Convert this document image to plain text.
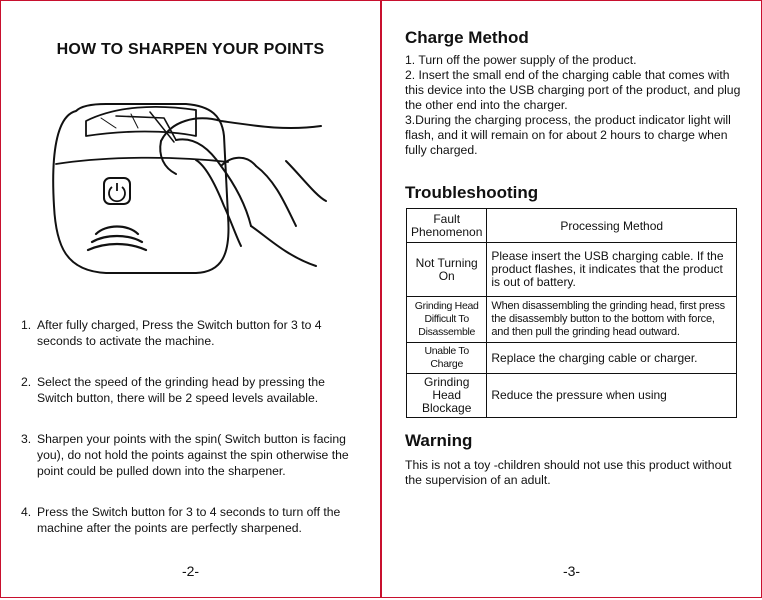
HOW TO SHARPEN YOUR POINTS
1. After fully charged, Press the Switch button for 3 to 4 seconds to activate the machine.
2. Select the speed of the grinding head by pressing the Switch button, there will be 2 speed levels available.
3. Sharpen your points with the spin( Switch button is facing you), do not hold the points against the spin otherwise the point could be pulled down into the sharpener.
4. Press the Switch button for 3 to 4 seconds to turn off the machine after the points are perfectly sharpened.
-2-
Charge Method
1. Turn off the power supply of the product.
2. Insert the small end of the charging cable that comes with this device into the USB charging port of the product, and plug the other end into the charger.
3.During the charging process, the product indicator light will flash, and it will remain on for about 2 hours to charge when fully charged.
Troubleshooting
Fault Phenomenon	Processing Method
Not Turning On	Please insert the USB charging cable. If the product flashes, it indicates that the product is out of battery.
Grinding Head Difficult To Disassemble	When disassembling the grinding head, first press the disassembly button to the bottom with force, and then pull the grinding head outward.
Unable To Charge	Replace the charging cable or charger.
Grinding Head Blockage	Reduce the pressure when using
Warning
This is not a toy -children should not use this product without the supervision of an adult.
-3-
